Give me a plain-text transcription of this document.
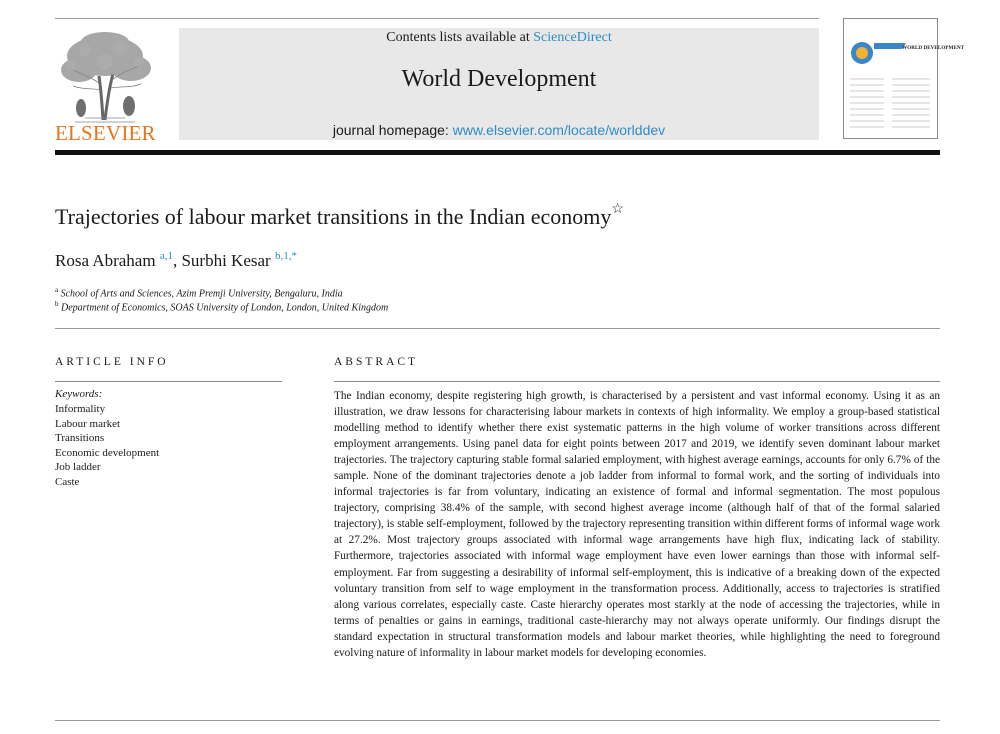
ELSEVIER
Contents lists available at ScienceDirect
World Development
journal homepage: www.elsevier.com/locate/worlddev
WORLD DEVELOPMENT
Trajectories of labour market transitions in the Indian economy☆
Rosa Abraham $^{a,1}$, Surbhi Kesar $^{b,1,*}$
$^a$ School of Arts and Sciences, Azim Premji University, Bengaluru, India
$^b$ Department of Economics, SOAS University of London, London, United Kingdom
ARTICLE INFO	ABSTRACT
Keywords:
Informality
Labour market
Transitions
Economic development
Job ladder
Caste
The Indian economy, despite registering high growth, is characterised by a persistent and vast informal economy. Using it as an illustration, we draw lessons for characterising labour markets in contexts of high informality. We employ a group-based statistical modelling method to identify whether there exist systematic patterns in the high volume of worker transitions across different employment arrangements. Using panel data for eight points between 2017 and 2019, we identify seven dominant labour market trajectories. The trajectory capturing stable formal salaried employment, with highest average earnings, accounts for only 6.7% of the sample. None of the dominant trajectories denote a job ladder from informal to formal work, and the sorting of individuals into informal trajectories is far from voluntary, indicating an existence of formal and informal segmentation. The most populous trajectory, comprising 38.4% of the sample, with second highest average income (although half of that of the formal salaried trajectory), is stable self-employment, followed by the trajectory representing transition within different forms of informal wage work at 27.2%. Most trajectory groups associated with informal wage arrangements have high flux, indicating lack of stability. Furthermore, trajectories associated with informal wage employment have even lower earnings than those with informal self-employment. Far from suggesting a desirability of informal self-employment, this is indicative of a breaking down of the expected voluntary transition from self to wage employment in the transformation process. Additionally, access to trajectories is stratified along various correlates, especially caste. Caste hierarchy operates most starkly at the node of accessing the trajectories, while in terms of penalties or gains in earnings, traditional caste-hierarchy may not always operate uniformly. Our findings disrupt the standard expectation in structural transformation models and labour market theories, while highlighting the need to foreground evolving nature of informality in labour market models for developing economies.
